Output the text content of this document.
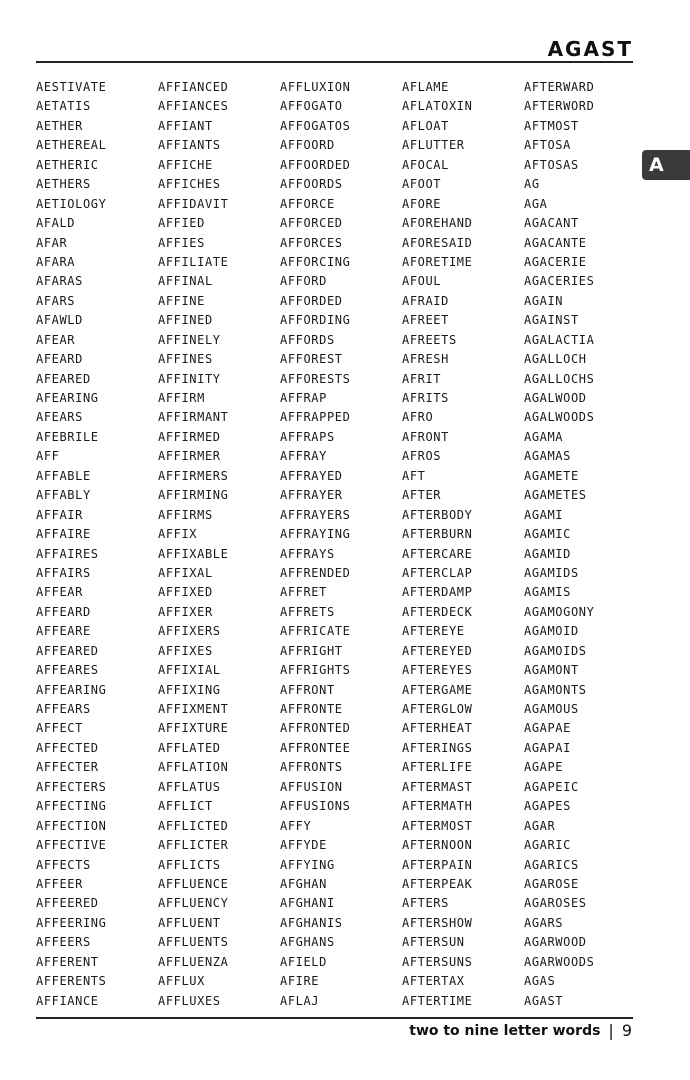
AGAST
A
AESTIVATE
AETATIS
AETHER
AETHEREAL
AETHERIC
AETHERS
AETIOLOGY
AFALD
AFAR
AFARA
AFARAS
AFARS
AFAWLD
AFEAR
AFEARD
AFEARED
AFEARING
AFEARS
AFEBRILE
AFF
AFFABLE
AFFABLY
AFFAIR
AFFAIRE
AFFAIRES
AFFAIRS
AFFEAR
AFFEARD
AFFEARE
AFFEARED
AFFEARES
AFFEARING
AFFEARS
AFFECT
AFFECTED
AFFECTER
AFFECTERS
AFFECTING
AFFECTION
AFFECTIVE
AFFECTS
AFFEER
AFFEERED
AFFEERING
AFFEERS
AFFERENT
AFFERENTS
AFFIANCE
AFFIANCED
AFFIANCES
AFFIANT
AFFIANTS
AFFICHE
AFFICHES
AFFIDAVIT
AFFIED
AFFIES
AFFILIATE
AFFINAL
AFFINE
AFFINED
AFFINELY
AFFINES
AFFINITY
AFFIRM
AFFIRMANT
AFFIRMED
AFFIRMER
AFFIRMERS
AFFIRMING
AFFIRMS
AFFIX
AFFIXABLE
AFFIXAL
AFFIXED
AFFIXER
AFFIXERS
AFFIXES
AFFIXIAL
AFFIXING
AFFIXMENT
AFFIXTURE
AFFLATED
AFFLATION
AFFLATUS
AFFLICT
AFFLICTED
AFFLICTER
AFFLICTS
AFFLUENCE
AFFLUENCY
AFFLUENT
AFFLUENTS
AFFLUENZA
AFFLUX
AFFLUXES
AFFLUXION
AFFOGATO
AFFOGATOS
AFFOORD
AFFOORDED
AFFOORDS
AFFORCE
AFFORCED
AFFORCES
AFFORCING
AFFORD
AFFORDED
AFFORDING
AFFORDS
AFFOREST
AFFORESTS
AFFRAP
AFFRAPPED
AFFRAPS
AFFRAY
AFFRAYED
AFFRAYER
AFFRAYERS
AFFRAYING
AFFRAYS
AFFRENDED
AFFRET
AFFRETS
AFFRICATE
AFFRIGHT
AFFRIGHTS
AFFRONT
AFFRONTE
AFFRONTED
AFFRONTEE
AFFRONTS
AFFUSION
AFFUSIONS
AFFY
AFFYDE
AFFYING
AFGHAN
AFGHANI
AFGHANIS
AFGHANS
AFIELD
AFIRE
AFLAJ
AFLAME
AFLATOXIN
AFLOAT
AFLUTTER
AFOCAL
AFOOT
AFORE
AFOREHAND
AFORESAID
AFORETIME
AFOUL
AFRAID
AFREET
AFREETS
AFRESH
AFRIT
AFRITS
AFRO
AFRONT
AFROS
AFT
AFTER
AFTERBODY
AFTERBURN
AFTERCARE
AFTERCLAP
AFTERDAMP
AFTERDECK
AFTEREYE
AFTEREYED
AFTEREYES
AFTERGAME
AFTERGLOW
AFTERHEAT
AFTERINGS
AFTERLIFE
AFTERMAST
AFTERMATH
AFTERMOST
AFTERNOON
AFTERPAIN
AFTERPEAK
AFTERS
AFTERSHOW
AFTERSUN
AFTERSUNS
AFTERTAX
AFTERTIME
AFTERWARD
AFTERWORD
AFTMOST
AFTOSA
AFTOSAS
AG
AGA
AGACANT
AGACANTE
AGACERIE
AGACERIES
AGAIN
AGAINST
AGALACTIA
AGALLOCH
AGALLOCHS
AGALWOOD
AGALWOODS
AGAMA
AGAMAS
AGAMETE
AGAMETES
AGAMI
AGAMIC
AGAMID
AGAMIDS
AGAMIS
AGAMOGONY
AGAMOID
AGAMOIDS
AGAMONT
AGAMONTS
AGAMOUS
AGAPAE
AGAPAI
AGAPE
AGAPEIC
AGAPES
AGAR
AGARIC
AGARICS
AGAROSE
AGAROSES
AGARS
AGARWOOD
AGARWOODS
AGAS
AGAST
two to nine letter words | 9
